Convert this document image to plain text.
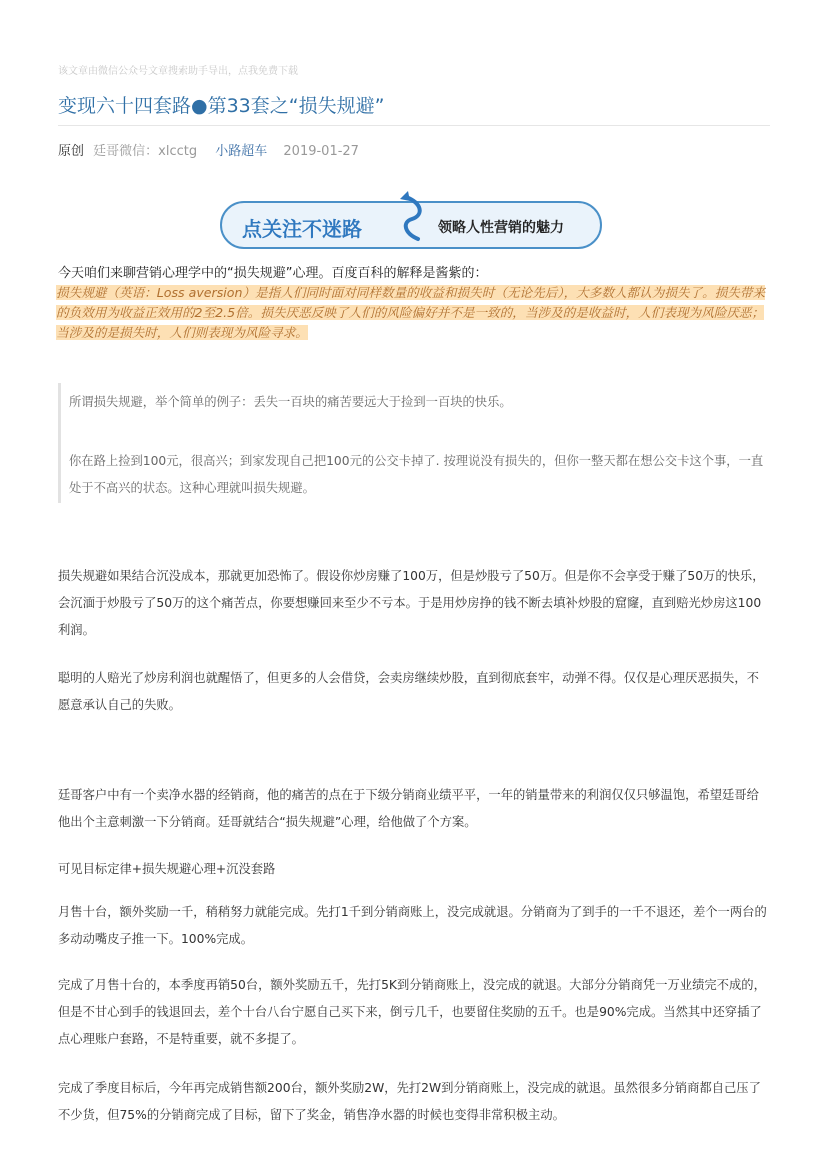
该文章由微信公众号文章搜索助手导出，点我免费下载
变现六十四套路●第33套之“损失规避”
原创 廷哥微信：xlcctg 小路超车 2019-01-27
点关注不迷路	领略人性营销的魅力
今天咱们来聊营销心理学中的“损失规避”心理。百度百科的解释是酱紫的：
损失规避（英语：Loss aversion）是指人们同时面对同样数量的收益和损失时（无论先后），大多数人都认为损失了。损失带来的负效用为收益正效用的2至2.5倍。损失厌恶反映了人们的风险偏好并不是一致的，当涉及的是收益时，人们表现为风险厌恶；当涉及的是损失时，人们则表现为风险寻求。

所谓损失规避，举个简单的例子：丢失一百块的痛苦要远大于捡到一百块的快乐。

你在路上捡到100元，很高兴；到家发现自己把100元的公交卡掉了. 按理说没有损失的，但你一整天都在想公交卡这个事，一直处于不高兴的状态。这种心理就叫损失规避。

损失规避如果结合沉没成本，那就更加恐怖了。假设你炒房赚了100万，但是炒股亏了50万。但是你不会享受于赚了50万的快乐，会沉湎于炒股亏了50万的这个痛苦点，你要想赚回来至少不亏本。于是用炒房挣的钱不断去填补炒股的窟窿，直到赔光炒房这100利润。

聪明的人赔光了炒房利润也就醒悟了，但更多的人会借贷，会卖房继续炒股，直到彻底套牢，动弹不得。仅仅是心理厌恶损失，不愿意承认自己的失败。

廷哥客户中有一个卖净水器的经销商，他的痛苦的点在于下级分销商业绩平平，一年的销量带来的利润仅仅只够温饱，希望廷哥给他出个主意刺激一下分销商。廷哥就结合“损失规避”心理，给他做了个方案。

可见目标定律+损失规避心理+沉没套路

月售十台，额外奖励一千，稍稍努力就能完成。先打1千到分销商账上，没完成就退。分销商为了到手的一千不退还，差个一两台的多动动嘴皮子推一下。100%完成。

完成了月售十台的，本季度再销50台，额外奖励五千，先打5K到分销商账上，没完成的就退。大部分分销商凭一万业绩完不成的，但是不甘心到手的钱退回去，差个十台八台宁愿自己买下来，倒亏几千，也要留住奖励的五千。也是90%完成。当然其中还穿插了点心理账户套路，不是特重要，就不多提了。

完成了季度目标后，今年再完成销售额200台，额外奖励2W，先打2W到分销商账上，没完成的就退。虽然很多分销商都自己压了不少货，但75%的分销商完成了目标，留下了奖金，销售净水器的时候也变得非常积极主动。
